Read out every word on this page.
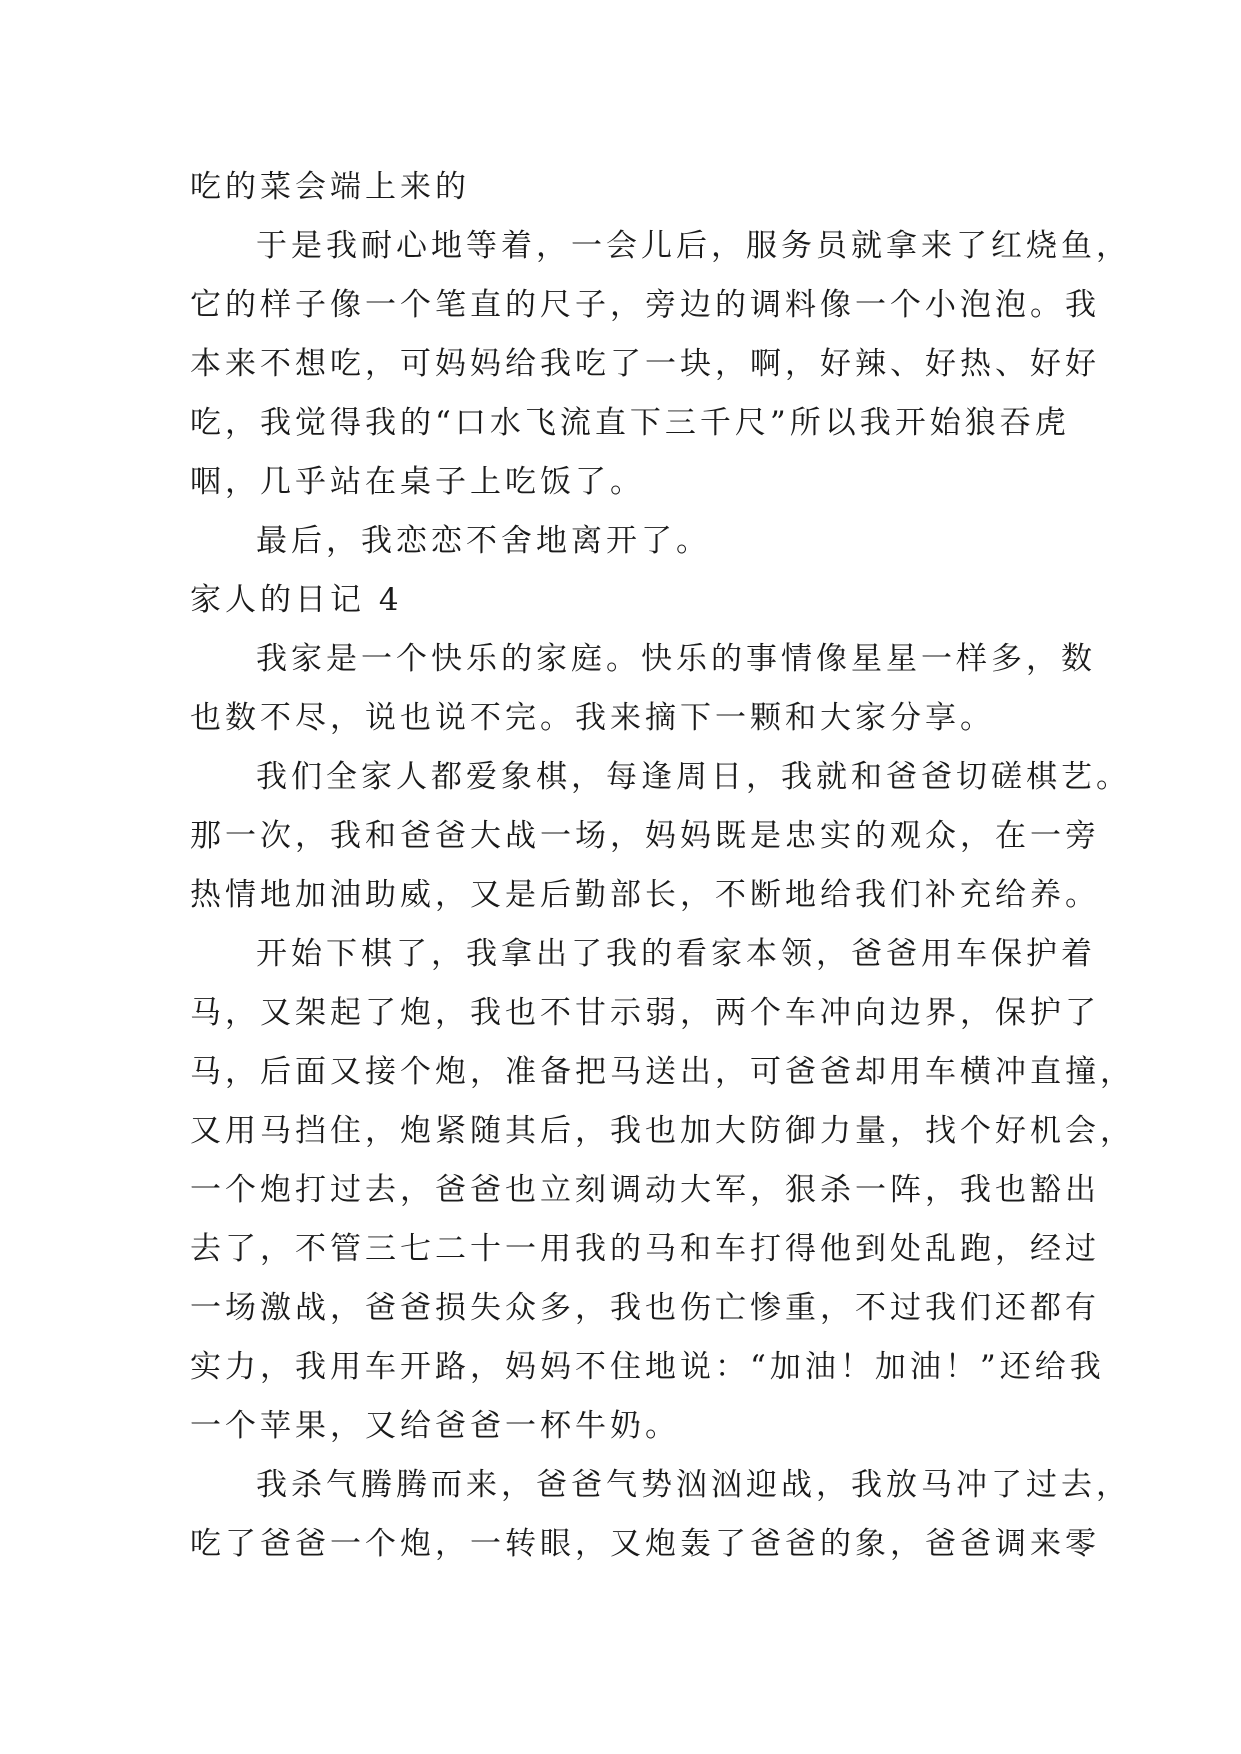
吃的菜会端上来的

于是我耐心地等着，一会儿后，服务员就拿来了红烧鱼，

它的样子像一个笔直的尺子，旁边的调料像一个小泡泡。我

本来不想吃，可妈妈给我吃了一块，啊，好辣、好热、好好

吃，我觉得我的“口水飞流直下三千尺”所以我开始狼吞虎

咽，几乎站在桌子上吃饭了。

最后，我恋恋不舍地离开了。

家人的日记 4

我家是一个快乐的家庭。快乐的事情像星星一样多，数

也数不尽，说也说不完。我来摘下一颗和大家分享。

我们全家人都爱象棋，每逢周日，我就和爸爸切磋棋艺。

那一次，我和爸爸大战一场，妈妈既是忠实的观众，在一旁

热情地加油助威，又是后勤部长，不断地给我们补充给养。

开始下棋了，我拿出了我的看家本领，爸爸用车保护着

马，又架起了炮，我也不甘示弱，两个车冲向边界，保护了

马，后面又接个炮，准备把马送出，可爸爸却用车横冲直撞，

又用马挡住，炮紧随其后，我也加大防御力量，找个好机会，

一个炮打过去，爸爸也立刻调动大军，狠杀一阵，我也豁出

去了，不管三七二十一用我的马和车打得他到处乱跑，经过

一场激战，爸爸损失众多，我也伤亡惨重，不过我们还都有

实力，我用车开路，妈妈不住地说：“加油！加油！”还给我

一个苹果，又给爸爸一杯牛奶。

我杀气腾腾而来，爸爸气势汹汹迎战，我放马冲了过去，

吃了爸爸一个炮，一转眼，又炮轰了爸爸的象，爸爸调来零
